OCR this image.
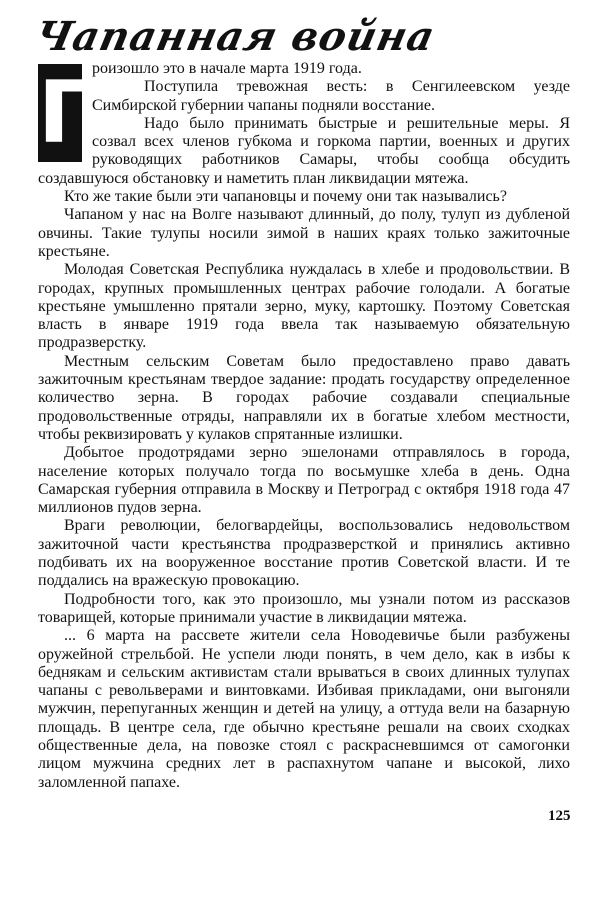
Чапанная война
П

роизошло это в начале марта 1919 года.

Поступила тревожная весть: в Сенгилеевском уезде Симбирской губернии чапаны подняли восстание.

Надо было принимать быстрые и решительные меры. Я созвал всех членов губкома и горкома партии, военных и других руководящих работников Самары, чтобы сообща обсудить создавшуюся обстановку и наметить план ликвидации мятежа.

Кто же такие были эти чапановцы и почему они так назывались?

Чапаном у нас на Волге называют длинный, до полу, тулуп из дубленой овчины. Такие тулупы носили зимой в наших краях только зажиточные крестьяне.

Молодая Советская Республика нуждалась в хлебе и продовольствии. В городах, крупных промышленных центрах рабочие голодали. А богатые крестьяне умышленно прятали зерно, муку, картошку. Поэтому Советская власть в январе 1919 года ввела так называемую обязательную продразверстку.

Местным сельским Советам было предоставлено право давать зажиточным крестьянам твердое задание: продать государству определенное количество зерна. В городах рабочие создавали специальные продовольственные отряды, направляли их в богатые хлебом местности, чтобы реквизировать у кулаков спрятанные излишки.

Добытое продотрядами зерно эшелонами отправлялось в города, население которых получало тогда по восьмушке хлеба в день. Одна Самарская губерния отправила в Москву и Петроград с октября 1918 года 47 миллионов пудов зерна.

Враги революции, белогвардейцы, воспользовались недовольством зажиточной части крестьянства продразверсткой и принялись активно подбивать их на вооруженное восстание против Советской власти. И те поддались на вражескую провокацию.

Подробности того, как это произошло, мы узнали потом из рассказов товарищей, которые принимали участие в ликвидации мятежа.

... 6 марта на рассвете жители села Новодевичье были разбужены оружейной стрельбой. Не успели люди понять, в чем дело, как в избы к беднякам и сельским активистам стали врываться в своих длинных тулупах чапаны с револьверами и винтовками. Избивая прикладами, они выгоняли мужчин, перепуганных женщин и детей на улицу, а оттуда вели на базарную площадь. В центре села, где обычно крестьяне решали на своих сходках общественные дела, на повозке стоял с раскрасневшимся от самогонки лицом мужчина средних лет в распахнутом чапане и высокой, лихо заломленной папахе.

125
